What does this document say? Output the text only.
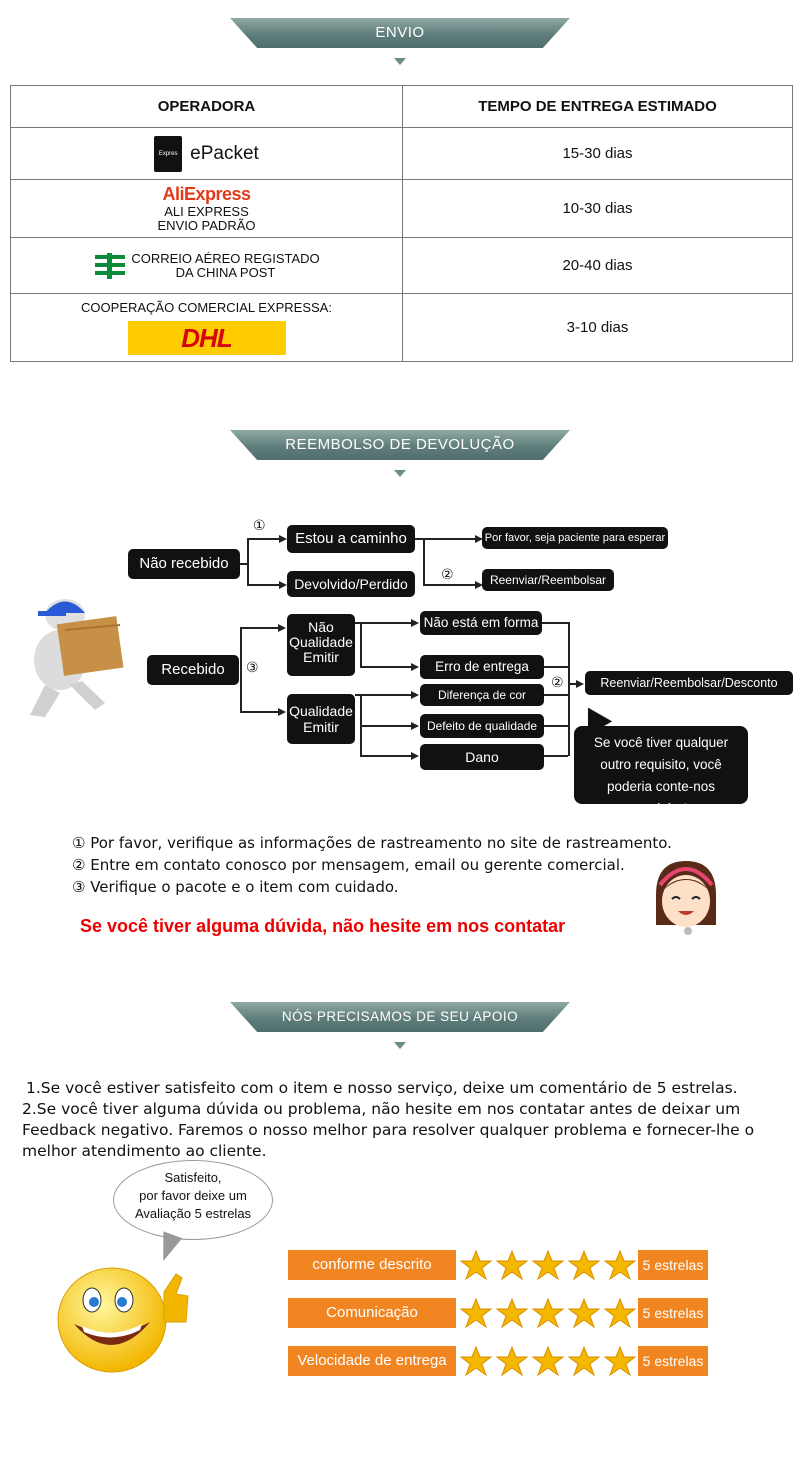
ENVIO
OPERADORA	TEMPO DE ENTREGA ESTIMADO

Expres ePacket	15-30 dias

AliExpress
ALI EXPRESS
ENVIO PADRÃO	10-30 dias

CORREIO AÉREO REGISTADO
DA CHINA POST	20-40 dias

COOPERAÇÃO COMERCIAL EXPRESSA:
DHL	3-10 dias
REEMBOLSO DE DEVOLUÇÃO
Não recebido
①
Estou a caminho
Devolvido/Perdido
②
Por favor, seja paciente para esperar
Reenviar/Reembolsar
Recebido	③
Não Qualidade Emitir
Qualidade Emitir
Não está em forma
Erro de entrega
Diferença de cor
Defeito de qualidade
Dano
②	Reenviar/Reembolsar/Desconto
Se você tiver qualquer outro requisito, você poderia conte-nos também!
① Por favor, verifique as informações de rastreamento no site de rastreamento.
② Entre em contato conosco por mensagem, email ou gerente comercial.
③ Verifique o pacote e o item com cuidado.
Se você tiver alguma dúvida, não hesite em nos contatar
NÓS PRECISAMOS DE SEU APOIO
1.Se você estiver satisfeito com o item e nosso serviço, deixe um comentário de 5 estrelas.
2.Se você tiver alguma dúvida ou problema, não hesite em nos contatar antes de deixar um Feedback negativo. Faremos o nosso melhor para resolver qualquer problema e fornecer-lhe o melhor atendimento ao cliente.
Satisfeito,
por favor deixe um
Avaliação 5 estrelas
conforme descrito	5 estrelas
Comunicação	5 estrelas
Velocidade de entrega	5 estrelas
